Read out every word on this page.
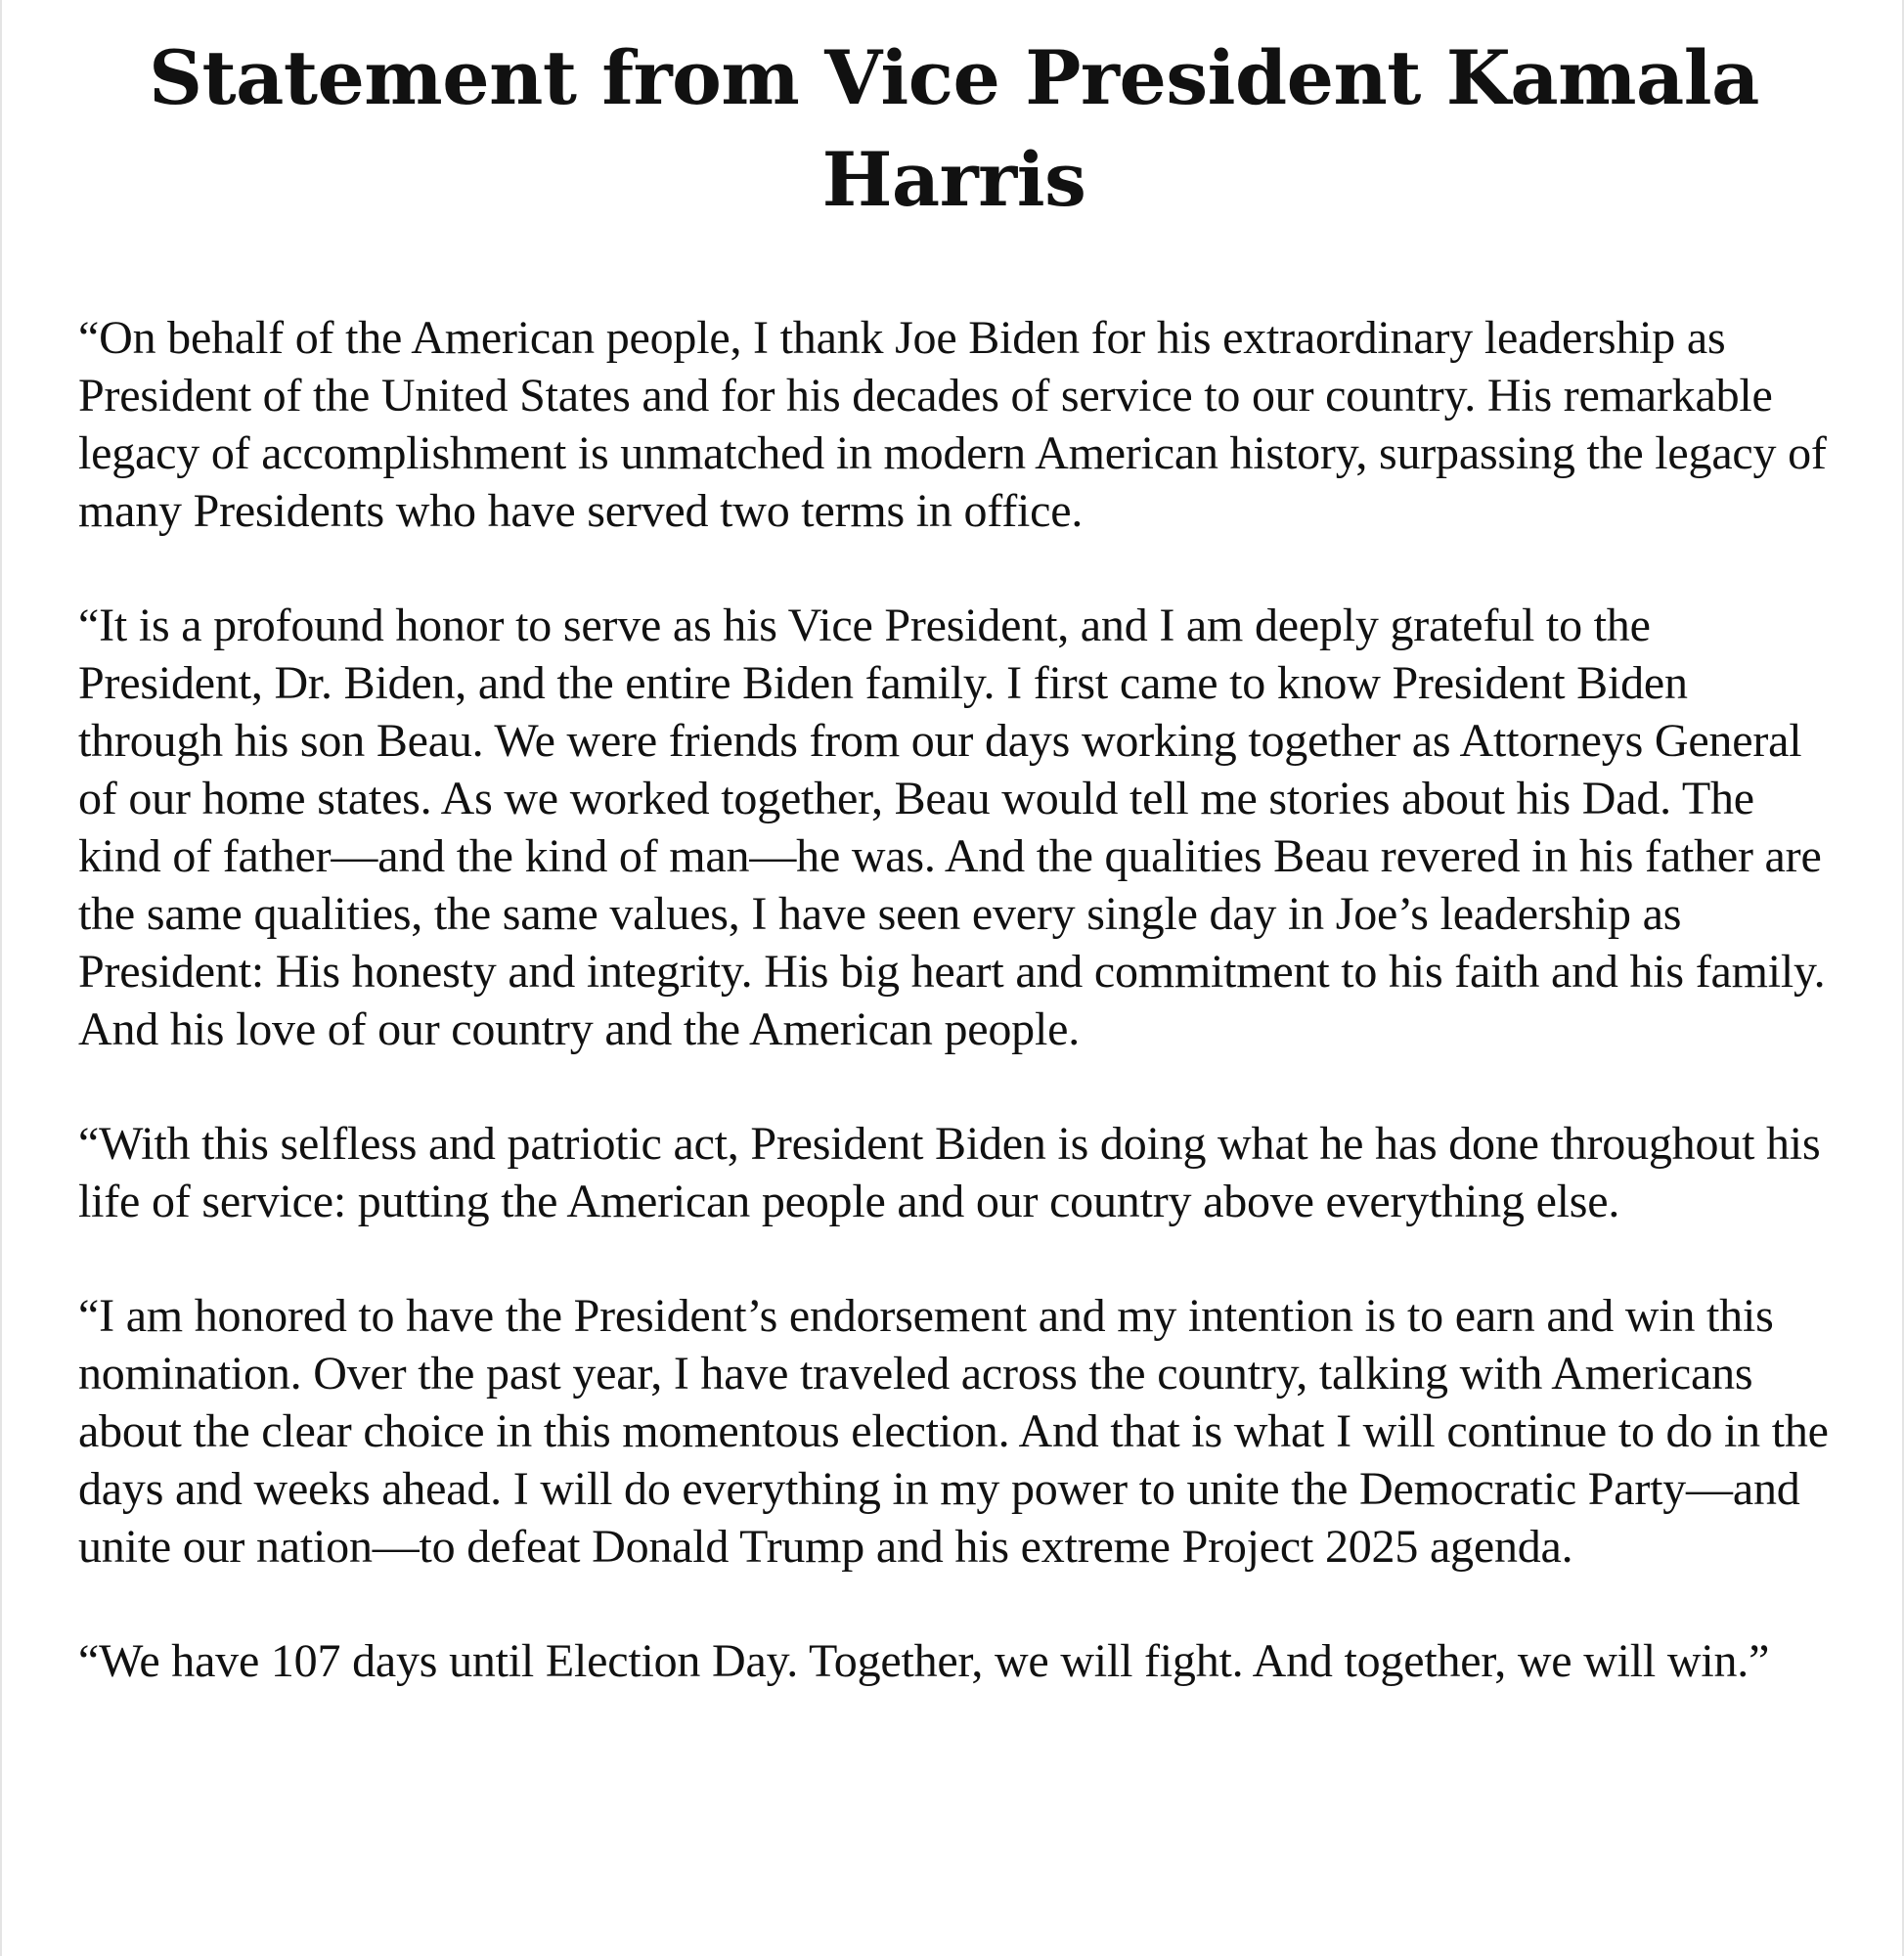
Statement from Vice President Kamala Harris

“On behalf of the American people, I thank Joe Biden for his extraordinary leadership as President of the United States and for his decades of service to our country. His remarkable legacy of accomplishment is unmatched in modern American history, surpassing the legacy of many Presidents who have served two terms in office.

“It is a profound honor to serve as his Vice President, and I am deeply grateful to the President, Dr. Biden, and the entire Biden family. I first came to know President Biden through his son Beau. We were friends from our days working together as Attorneys General of our home states. As we worked together, Beau would tell me stories about his Dad. The kind of father—and the kind of man—he was. And the qualities Beau revered in his father are the same qualities, the same values, I have seen every single day in Joe’s leadership as President: His honesty and integrity. His big heart and commitment to his faith and his family. And his love of our country and the American people.

“With this selfless and patriotic act, President Biden is doing what he has done throughout his life of service: putting the American people and our country above everything else.

“I am honored to have the President’s endorsement and my intention is to earn and win this nomination. Over the past year, I have traveled across the country, talking with Americans about the clear choice in this momentous election. And that is what I will continue to do in the days and weeks ahead. I will do everything in my power to unite the Democratic Party—and unite our nation—to defeat Donald Trump and his extreme Project 2025 agenda.

“We have 107 days until Election Day. Together, we will fight. And together, we will win.”
